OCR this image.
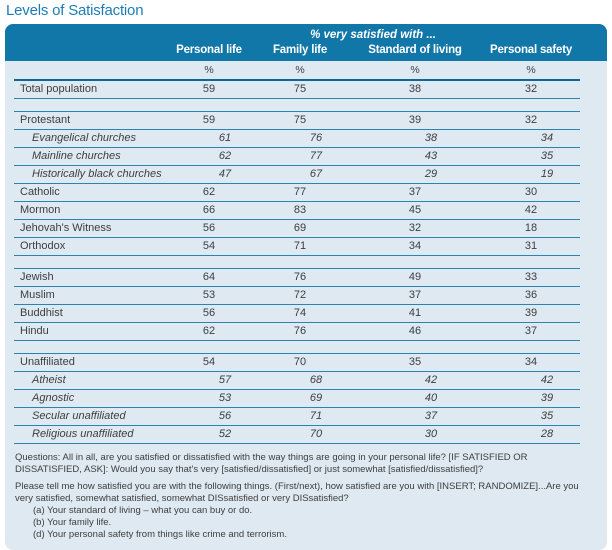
Levels of Satisfaction
	% very satisfied with ...				
	Personal life	Family life	Standard of living	Personal safety	
	%	%	%	%
Total population	59	75	38	32

Protestant	59	75	39	32
Evangelical churches	61	76	38	34
Mainline churches	62	77	43	35
Historically black churches	47	67	29	19
Catholic	62	77	37	30
Mormon	66	83	45	42
Jehovah's Witness	56	69	32	18
Orthodox	54	71	34	31

Jewish	64	76	49	33
Muslim	53	72	37	36
Buddhist	56	74	41	39
Hindu	62	76	46	37

Unaffiliated	54	70	35	34
Atheist	57	68	42	42
Agnostic	53	69	40	39
Secular unaffiliated	56	71	37	35
Religious unaffiliated	52	70	30	28

Questions: All in all, are you satisfied or dissatisfied with the way things are going in your personal life? [IF SATISFIED OR DISSATISFIED, ASK]: Would you say that's very [satisfied/dissatisfied] or just somewhat [satisfied/dissatisfied]?

Please tell me how satisfied you are with the following things. (First/next), how satisfied are you with [INSERT; RANDOMIZE]...Are you very satisfied, somewhat satisfied, somewhat DISsatisfied or very DISsatisfied?

(a) Your standard of living – what you can buy or do.
(b) Your family life.
(d) Your personal safety from things like crime and terrorism.
